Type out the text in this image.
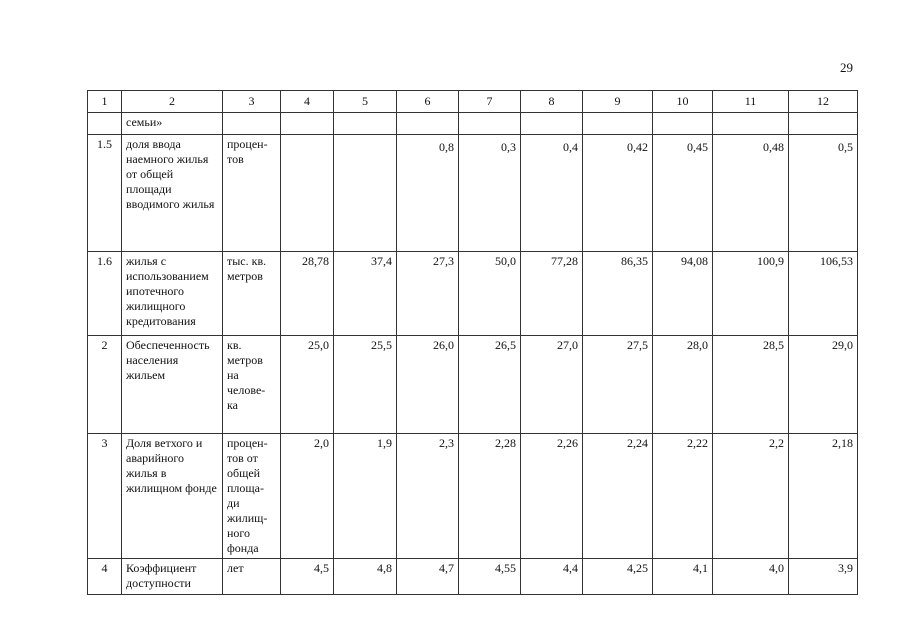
29
1	2	3	4	5	6	7	8	9	10	11	12
	семьи»										
1.5	доля ввода наемного жилья от общей площади вводимого жилья	процен-тов			0,8	0,3	0,4	0,42	0,45	0,48	0,5

1.6	жилья с использованием ипотечного жилищного кредитования	тыс. кв. метров	28,78	37,4	27,3	50,0	77,28	86,35	94,08	100,9	106,53
2	Обеспеченность населения жильем	кв. метров на челове-ка	25,0	25,5	26,0	26,5	27,0	27,5	28,0	28,5	29,0
3	Доля ветхого и аварийного жилья в жилищном фонде	процен-тов от общей площа-ди жилищ-ного фонда	2,0	1,9	2,3	2,28	2,26	2,24	2,22	2,2	2,18
4	Коэффициент доступности	лет	4,5	4,8	4,7	4,55	4,4	4,25	4,1	4,0	3,9
